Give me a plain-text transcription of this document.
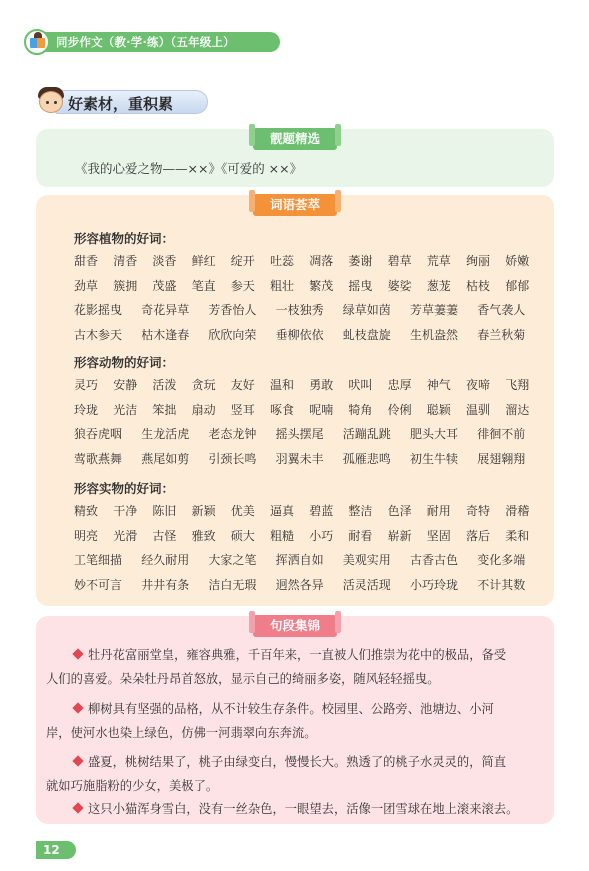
同步作文（教·学·练）（五年级上）
好素材，重积累
靓题精选
《我的心爱之物——××》《可爱的 ××》
词语荟萃
形容植物的好词：
甜香 清香 淡香 鲜红 绽开 吐蕊 凋落 萎谢 碧草 荒草 绚丽 娇嫩
劲草 簇拥 茂盛 笔直 参天 粗壮 繁茂 摇曳 婆娑 葱茏 枯枝 郁郁
花影摇曳 奇花异草 芳香怡人 一枝独秀 绿草如茵 芳草萋萋 香气袭人
古木参天 枯木逢春 欣欣向荣 垂柳依依 虬枝盘旋 生机盎然 春兰秋菊
形容动物的好词：
灵巧 安静 活泼 贪玩 友好 温和 勇敢 吠叫 忠厚 神气 夜啼 飞翔
玲珑 光洁 笨拙 扇动 竖耳 啄食 呢喃 犄角 伶俐 聪颖 温驯 溜达
狼吞虎咽 生龙活虎 老态龙钟 摇头摆尾 活蹦乱跳 肥头大耳 徘徊不前
莺歌燕舞 燕尾如剪 引颈长鸣 羽翼未丰 孤雁悲鸣 初生牛犊 展翅翱翔
形容实物的好词：
精致 干净 陈旧 新颖 优美 逼真 碧蓝 整洁 色泽 耐用 奇特 滑稽
明亮 光滑 古怪 雅致 硕大 粗糙 小巧 耐看 崭新 坚固 落后 柔和
工笔细描 经久耐用 大家之笔 挥洒自如 美观实用 古香古色 变化多端
妙不可言 井井有条 洁白无瑕 迥然各异 活灵活现 小巧玲珑 不计其数
句段集锦
牡丹花富丽堂皇，雍容典雅，千百年来，一直被人们推崇为花中的极品，备受
人们的喜爱。朵朵牡丹昂首怒放，显示自己的绮丽多姿，随风轻轻摇曳。
柳树具有坚强的品格，从不计较生存条件。校园里、公路旁、池塘边、小河
岸，使河水也染上绿色，仿佛一河翡翠向东奔流。
盛夏，桃树结果了，桃子由绿变白，慢慢长大。熟透了的桃子水灵灵的，简直
就如巧施脂粉的少女，美极了。
这只小猫浑身雪白，没有一丝杂色，一眼望去，活像一团雪球在地上滚来滚去。
12
